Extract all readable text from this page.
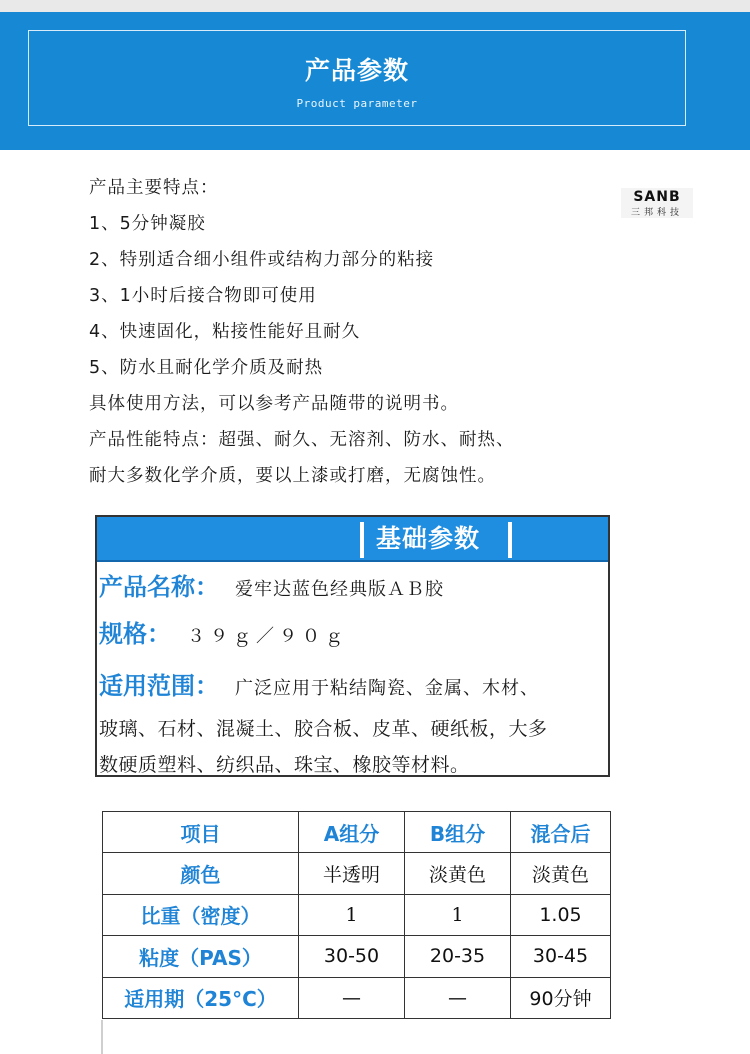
产品参数
Product parameter
SANB
三邦科技
产品主要特点：
1、5分钟凝胶
2、特别适合细小组件或结构力部分的粘接
3、1小时后接合物即可使用
4、快速固化，粘接性能好且耐久
5、防水且耐化学介质及耐热
具体使用方法，可以参考产品随带的说明书。
产品性能特点：超强、耐久、无溶剂、防水、耐热、
耐大多数化学介质，要以上漆或打磨，无腐蚀性。
基础参数
产品名称： 爱牢达蓝色经典版ＡＢ胶
规格： ３９ｇ／９０ｇ
适用范围： 广泛应用于粘结陶瓷、金属、木材、
玻璃、石材、混凝土、胶合板、皮革、硬纸板，大多
数硬质塑料、纺织品、珠宝、橡胶等材料。
项目	A组分	B组分	混合后
颜色	半透明	淡黄色	淡黄色
比重（密度）	1	1	1.05
粘度（PAS）	30-50	20-35	30-45
适用期（25°C）	—	—	90分钟
